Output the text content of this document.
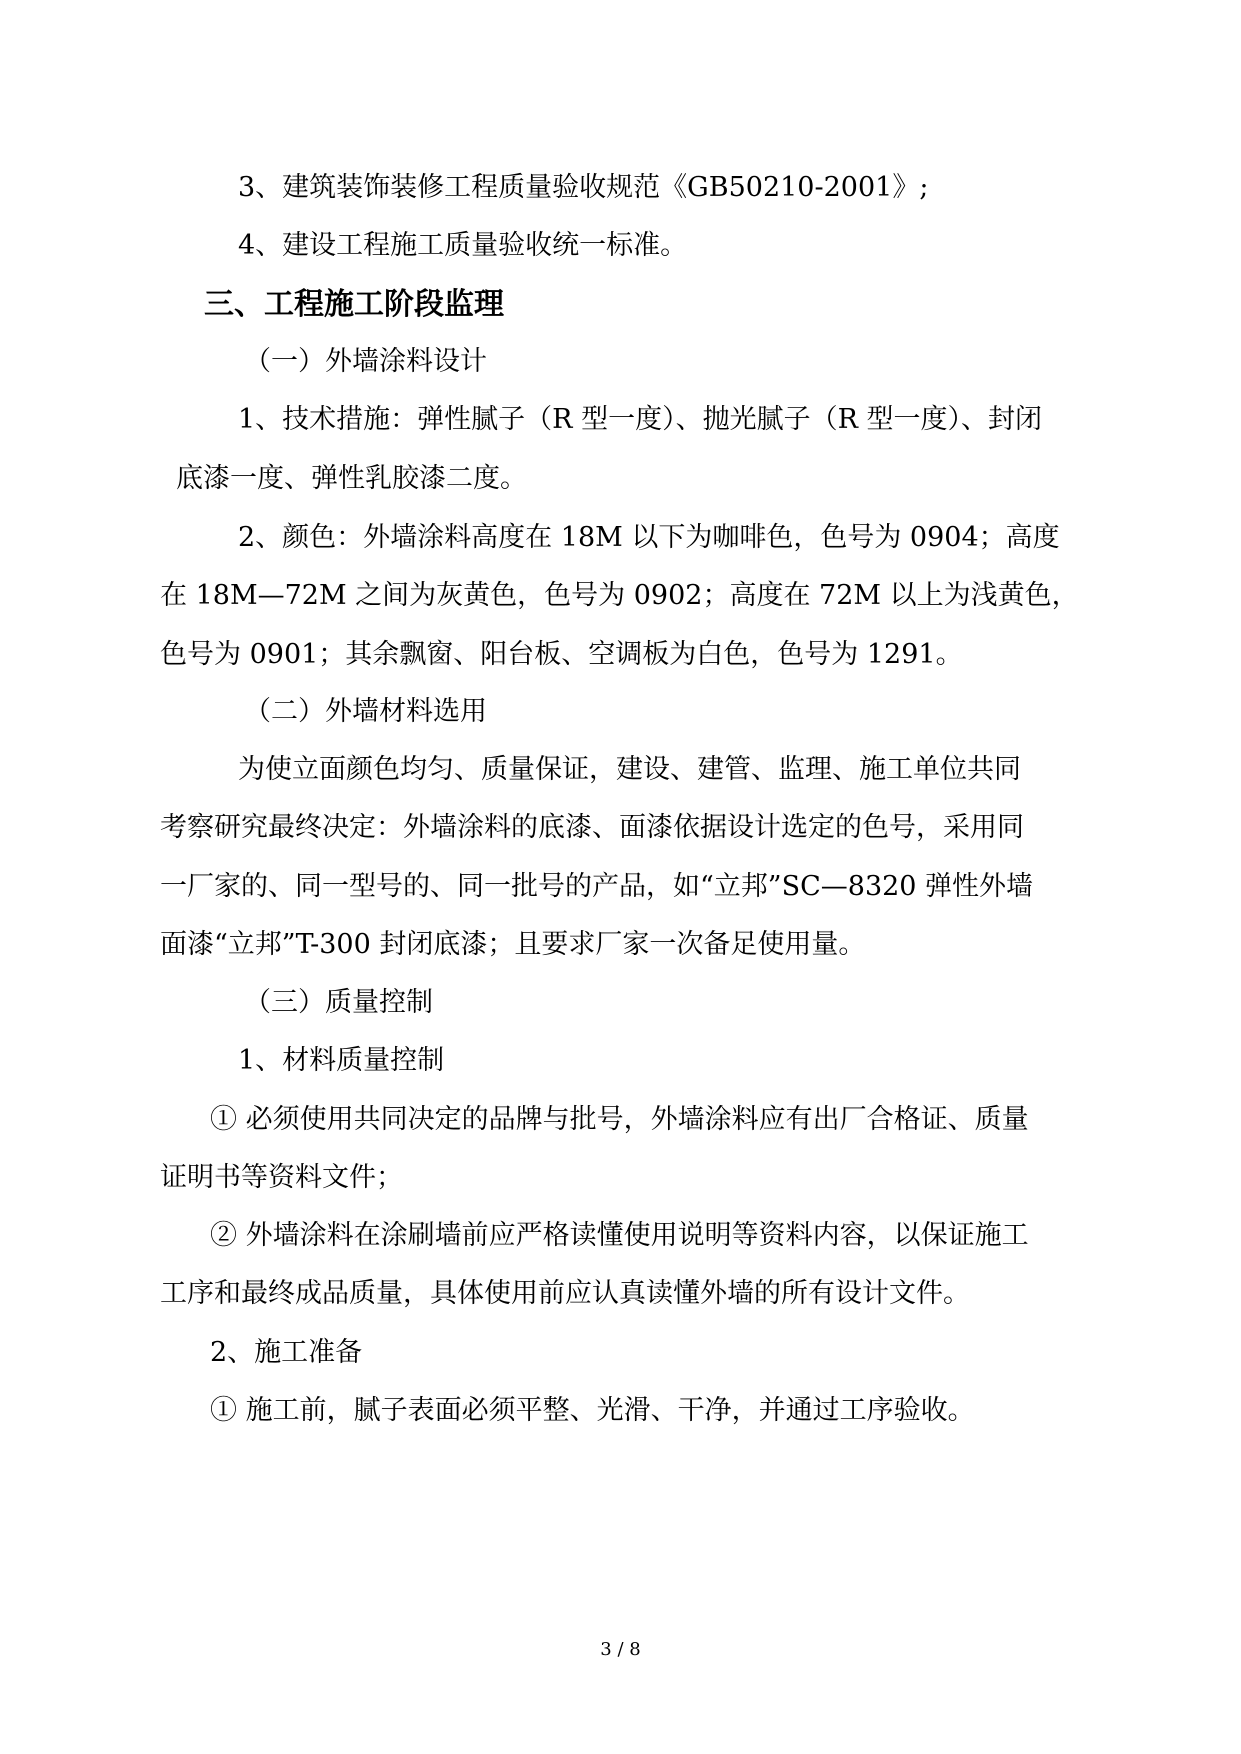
3、建筑装饰装修工程质量验收规范《GB50210-2001》;
4、建设工程施工质量验收统一标准。
三、工程施工阶段监理
（一）外墙涂料设计
1、技术措施：弹性腻子（R 型一度）、抛光腻子（R 型一度）、封闭
底漆一度、弹性乳胶漆二度。
2、颜色：外墙涂料高度在 18M 以下为咖啡色，色号为 0904；高度
在 18M—72M 之间为灰黄色，色号为 0902；高度在 72M 以上为浅黄色，
色号为 0901；其余飘窗、阳台板、空调板为白色，色号为 1291。
（二）外墙材料选用
为使立面颜色均匀、质量保证，建设、建管、监理、施工单位共同
考察研究最终决定：外墙涂料的底漆、面漆依据设计选定的色号，采用同
一厂家的、同一型号的、同一批号的产品，如“立邦”SC—8320 弹性外墙
面漆“立邦”T-300 封闭底漆；且要求厂家一次备足使用量。
（三）质量控制
1、材料质量控制
① 必须使用共同决定的品牌与批号，外墙涂料应有出厂合格证、质量
证明书等资料文件；
② 外墙涂料在涂刷墙前应严格读懂使用说明等资料内容，以保证施工
工序和最终成品质量，具体使用前应认真读懂外墙的所有设计文件。
2、施工准备
① 施工前，腻子表面必须平整、光滑、干净，并通过工序验收。
3 / 8
